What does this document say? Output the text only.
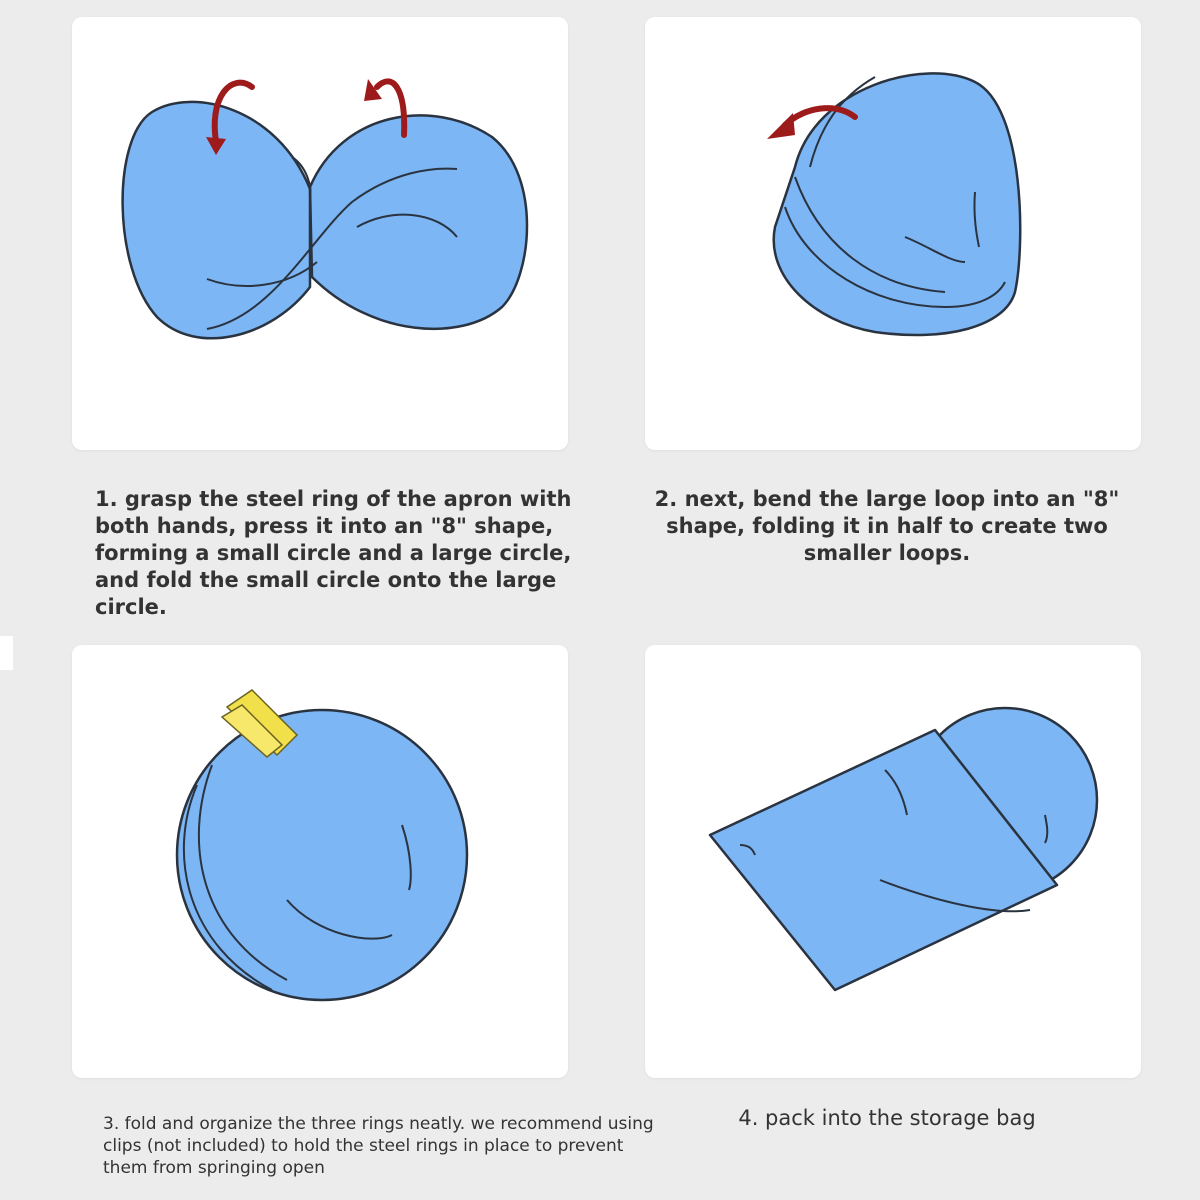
1. grasp the steel ring of the apron with both hands, press it into an "8" shape, forming a small circle and a large circle, and fold the small circle onto the large circle.

2. next, bend the large loop into an "8" shape, folding it in half to create two smaller loops.

3. fold and organize the three rings neatly. we recommend using clips (not included) to hold the steel rings in place to prevent them from springing open

4. pack into the storage bag
